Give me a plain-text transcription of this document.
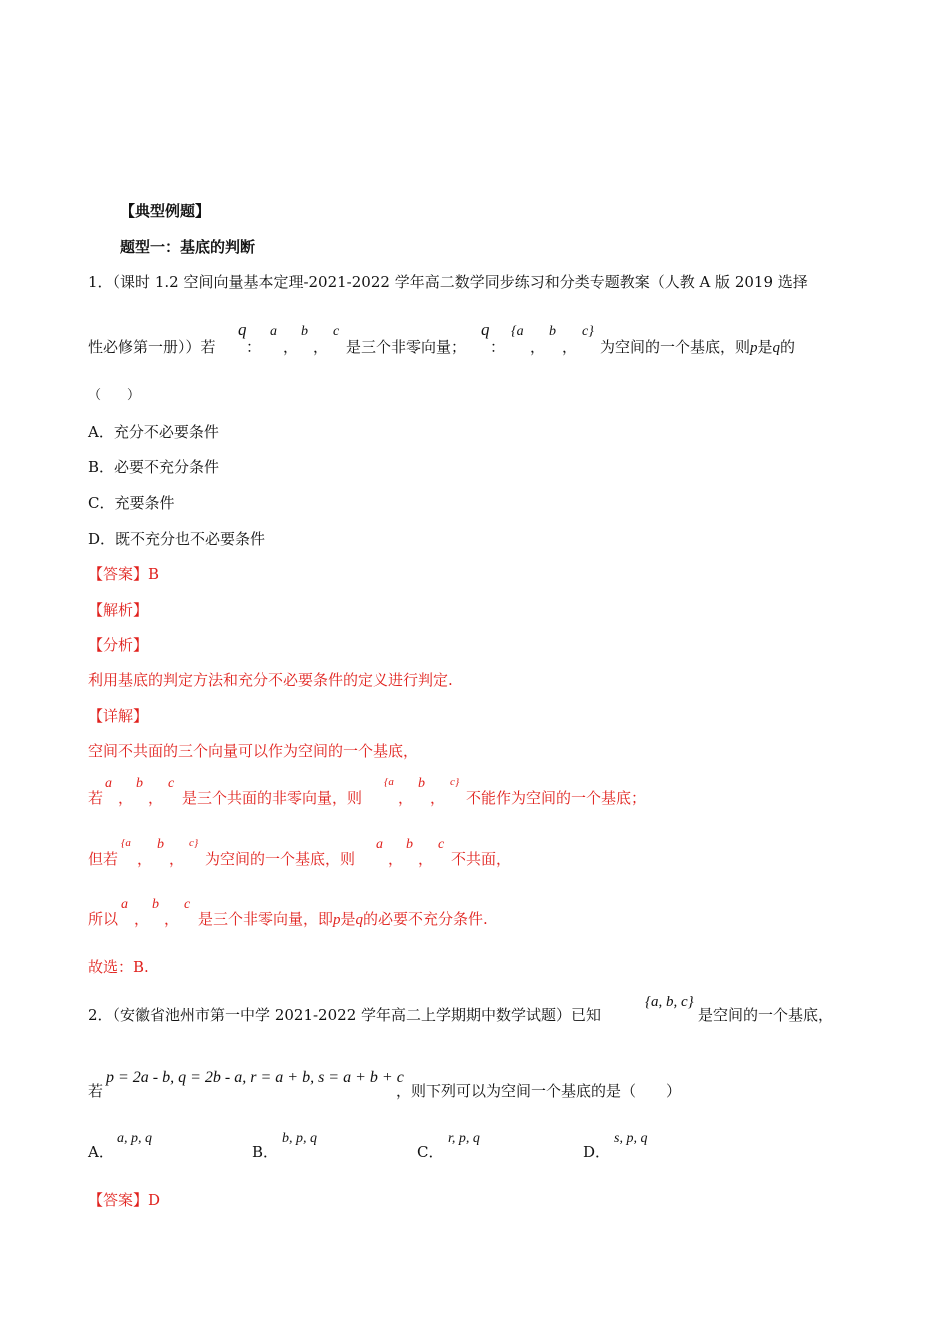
【典型例题】
题型一：基底的判断
1．（课时 1.2 空间向量基本定理-2021-2022 学年高二数学同步练习和分类专题教案（人教 A 版 2019 选择
性必修第一册））若
q
：
a
，
b
，
c
是三个非零向量；
q
：
{a
，
b
，
c}
为空间的一个基底，则p是q的
（　　）
A．充分不必要条件
B．必要不充分条件
C．充要条件
D．既不充分也不必要条件
【答案】B
【解析】
【分析】
利用基底的判定方法和充分不必要条件的定义进行判定.
【详解】
空间不共面的三个向量可以作为空间的一个基底，
若
a
，
b
，
c
是三个共面的非零向量，则
{a
，
b
，
c}
不能作为空间的一个基底；
但若
{a
，
b
，
c}
为空间的一个基底，则
a
，
b
，
c
不共面，
所以
a
，
b
，
c
是三个非零向量，即p是q的必要不充分条件.
故选：B.
2．（安徽省池州市第一中学 2021-2022 学年高二上学期期中数学试题）已知
{a, b, c}
是空间的一个基底，
若
p = 2a - b, q = 2b - a, r = a + b, s = a + b + c
，则下列可以为空间一个基底的是（　　）
A．
a, p, q
B．
b, p, q
C．
r, p, q
D．
s, p, q
【答案】D
